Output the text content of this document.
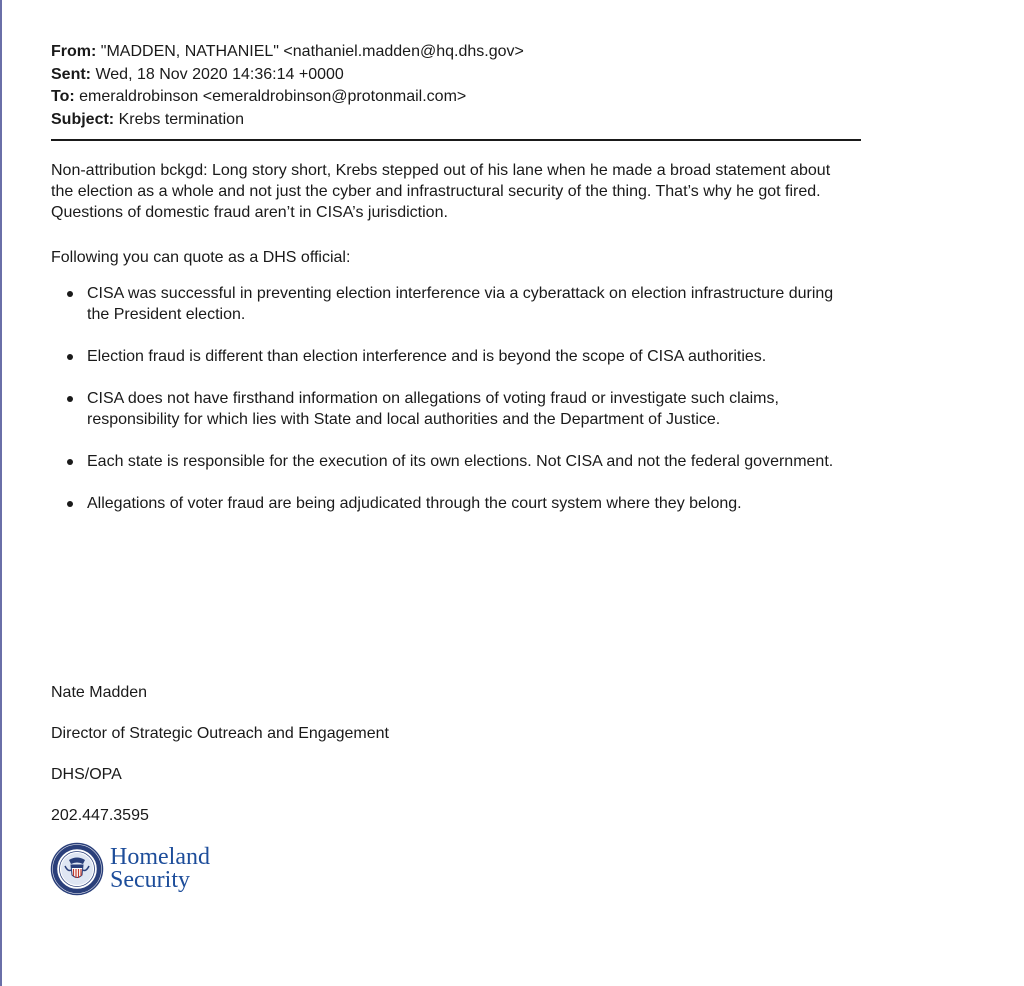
From: "MADDEN, NATHANIEL" <nathaniel.madden@hq.dhs.gov>
Sent: Wed, 18 Nov 2020 14:36:14 +0000
To: emeraldrobinson <emeraldrobinson@protonmail.com>
Subject: Krebs termination
Non-attribution bckgd: Long story short, Krebs stepped out of his lane when he made a broad statement about the election as a whole and not just the cyber and infrastructural security of the thing. That’s why he got fired. Questions of domestic fraud aren’t in CISA’s jurisdiction.
Following you can quote as a DHS official:
CISA was successful in preventing election interference via a cyberattack on election infrastructure during the President election.
Election fraud is different than election interference and is beyond the scope of CISA authorities.
CISA does not have firsthand information on allegations of voting fraud or investigate such claims, responsibility for which lies with State and local authorities and the Department of Justice.
Each state is responsible for the execution of its own elections. Not CISA and not the federal government.
Allegations of voter fraud are being adjudicated through the court system where they belong.
Nate Madden
Director of Strategic Outreach and Engagement
DHS/OPA
202.447.3595
Homeland
Security
